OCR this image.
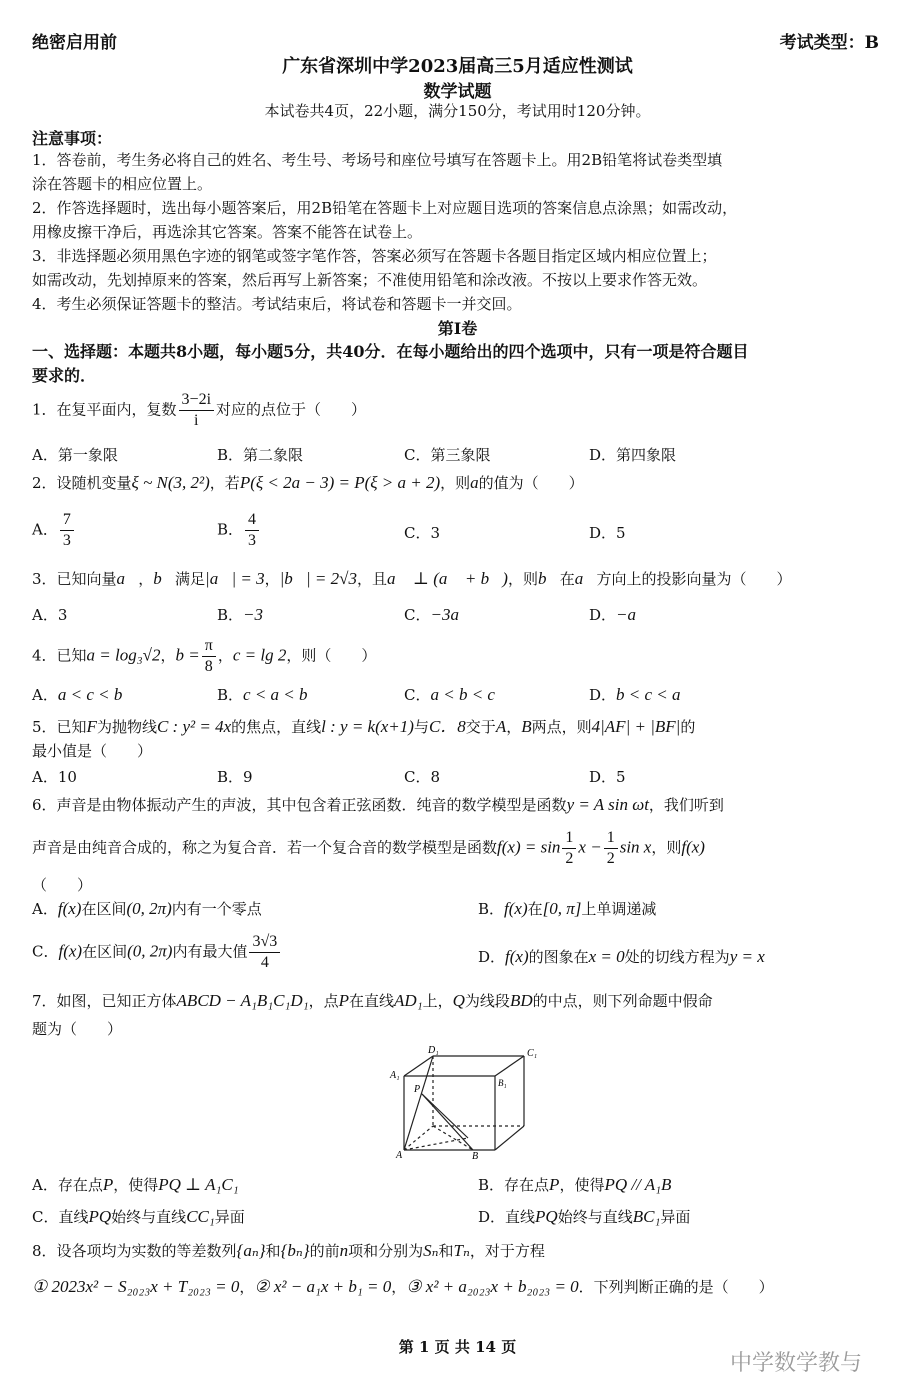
绝密启用前	考试类型：B
广东省深圳中学2023届高三5月适应性测试
数学试题
本试卷共4页，22小题，满分150分，考试用时120分钟。
注意事项：
1．答卷前，考生务必将自己的姓名、考生号、考场号和座位号填写在答题卡上。用2B铅笔将试卷类型填
涂在答题卡的相应位置上。
2．作答选择题时，选出每小题答案后，用2B铅笔在答题卡上对应题目选项的答案信息点涂黑；如需改动，
用橡皮擦干净后，再选涂其它答案。答案不能答在试卷上。
3．非选择题必须用黑色字迹的钢笔或签字笔作答，答案必须写在答题卡各题目指定区域内相应位置上；
如需改动，先划掉原来的答案，然后再写上新答案；不准使用铅笔和涂改液。不按以上要求作答无效。
4．考生必须保证答题卡的整洁。考试结束后，将试卷和答题卡一并交回。
第Ⅰ卷
一、选择题：本题共8小题，每小题5分，共40分．在每小题给出的四个选项中，只有一项是符合题目
要求的．
1．在复平面内，复数 $\frac{3-2i}{i}$ 对应的点位于（　　）
A．第一象限	B．第二象限	C．第三象限	D．第四象限
2．设随机变量ξ ~ N(3, 2²)，若P(ξ < 2a − 3) = P(ξ > a + 2)，则a的值为（　　）
A． $\frac{7}{3}$	B． $\frac{4}{3}$	C．3	D．5
3．已知向量a⃗，b⃗满足|a⃗| = 3，|b⃗| = 2√3，且a⃗ ⊥ (a⃗ + b⃗)，则b⃗在a⃗方向上的投影向量为（　　）
A．3	B．−3	C．−3a	D．−a
4．已知a = log₃√2，$b = \frac{\pi}{8}$ ，c = lg 2，则（　　）
A．a < c < b	B．c < a < b	C．a < b < c	D．b < c < a
5．已知F为抛物线C : y² = 4x的焦点，直线l : y = k(x+1)与C．8交于A，B两点，则4|AF| + |BF|的
最小值是（　　）
A．10	B．9	C．8	D．5
6．声音是由物体振动产生的声波，其中包含着正弦函数．纯音的数学模型是函数y = A sin ωt，我们听到
声音是由纯音合成的，称之为复合音．若一个复合音的数学模型是函数$f(x) = \sin \frac{1}{2}$ $x - \frac{1}{2}$ sin x，则f(x)
（　　）
A．f(x)在区间(0, 2π)内有一个零点	B．f(x)在[0, π]上单调递减
C．f(x)在区间(0, 2π)内有最大值 $\frac{3√3}{4}$	D．f(x)的图象在x = 0处的切线方程为y = x
7．如图，已知正方体ABCD − A₁B₁C₁D₁，点P在直线AD₁上，Q为线段BD的中点，则下列命题中假命
题为（　　）
D₁	C₁
A₁
B₁
P
A	B
A．存在点P，使得PQ ⊥ A₁C₁	B．存在点P，使得PQ // A₁B
C．直线PQ始终与直线CC₁异面	D．直线PQ始终与直线BC₁异面
8．设各项均为实数的等差数列{aₙ}和{bₙ}的前n项和分别为Sₙ和Tₙ，对于方程
① 2023x² − S₂₀₂₃x + T₂₀₂₃ = 0，② x² − a₁x + b₁ = 0，③ x² + a₂₀₂₃x + b₂₀₂₃ = 0．下列判断正确的是（　　）
第 1 页 共 14 页
中学数学教与
